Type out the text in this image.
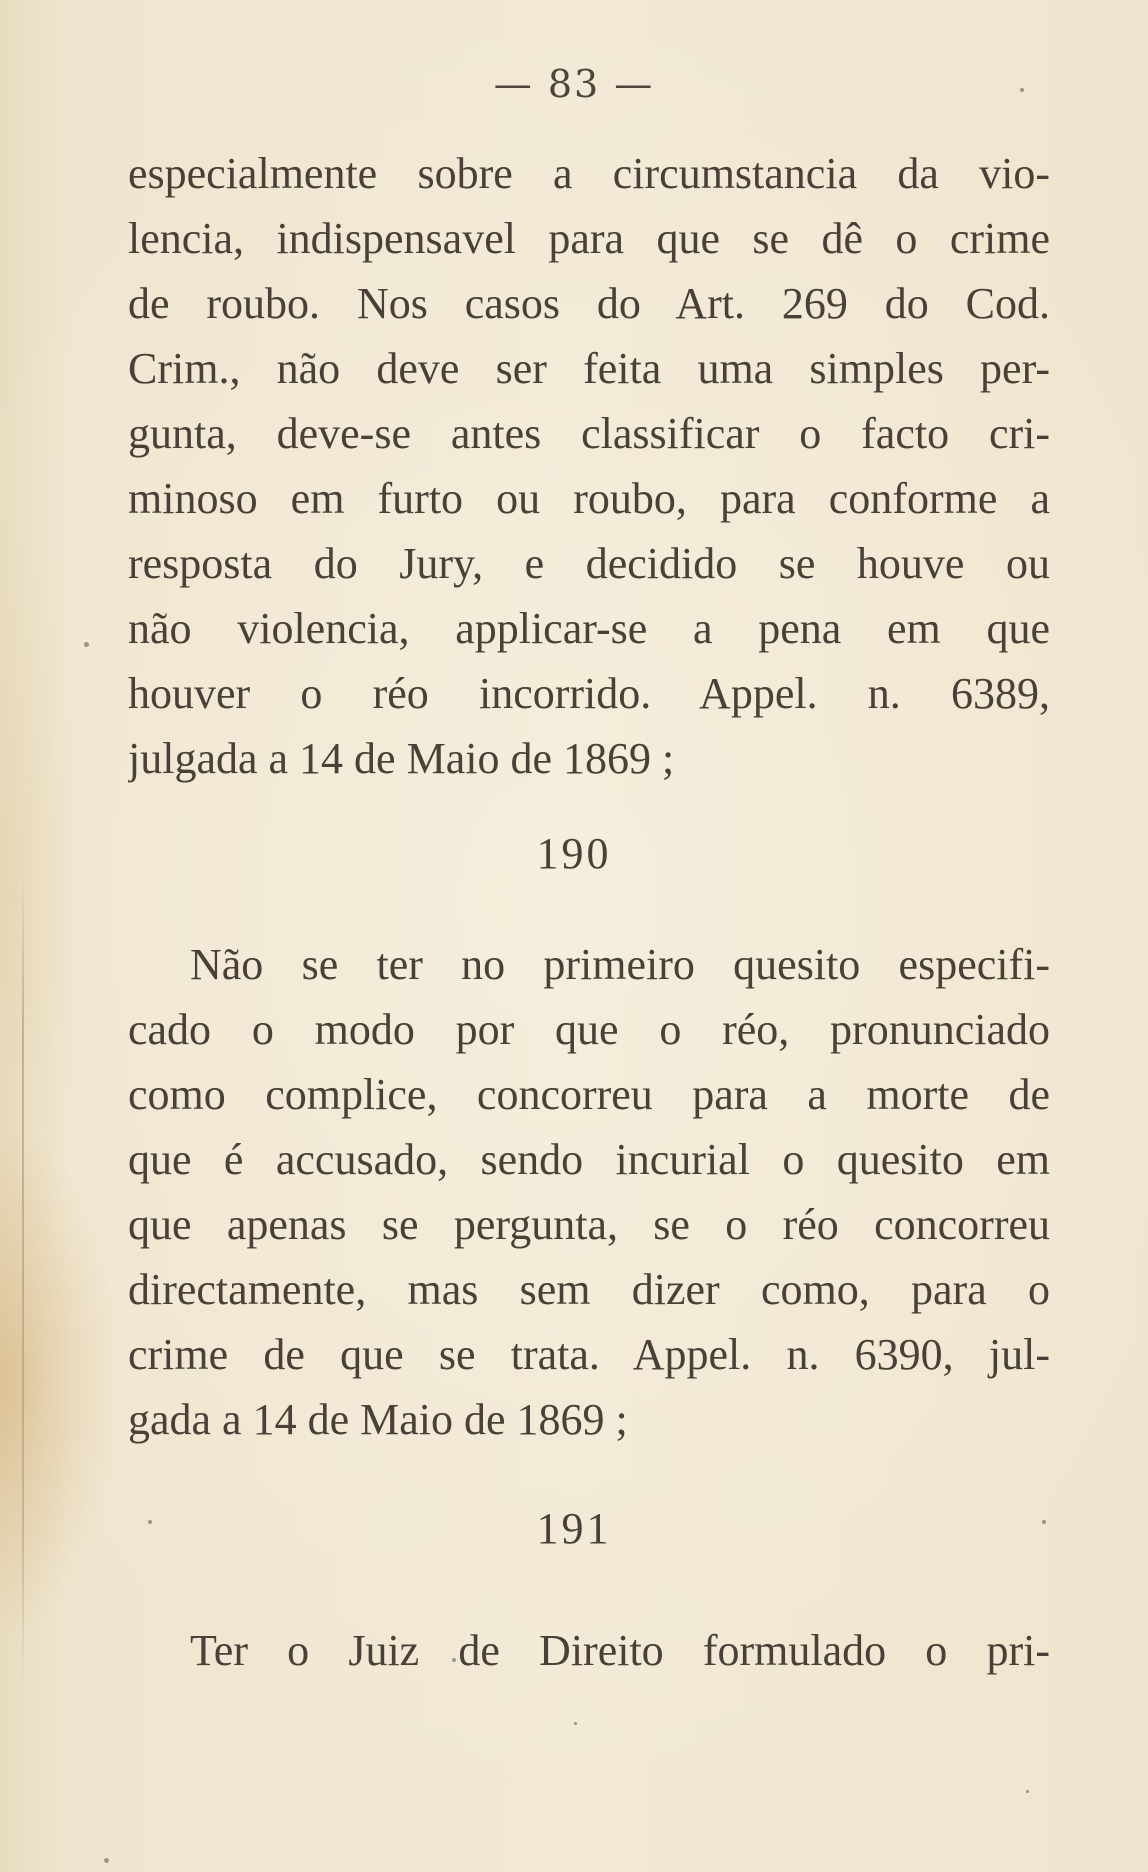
— 83 —
especialmente sobre a circumstancia da vio-
lencia, indispensavel para que se dê o crime
de roubo. Nos casos do Art. 269 do Cod.
Crim., não deve ser feita uma simples per-
gunta, deve-se antes classificar o facto cri-
minoso em furto ou roubo, para conforme a
resposta do Jury, e decidido se houve ou
não violencia, applicar-se a pena em que
houver o réo incorrido. Appel. n. 6389,
julgada a 14 de Maio de 1869 ;
190
Não se ter no primeiro quesito especifi-
cado o modo por que o réo, pronunciado
como complice, concorreu para a morte de
que é accusado, sendo incurial o quesito em
que apenas se pergunta, se o réo concorreu
directamente, mas sem dizer como, para o
crime de que se trata. Appel. n. 6390, jul-
gada a 14 de Maio de 1869 ;
191
Ter o Juiz de Direito formulado o pri-
